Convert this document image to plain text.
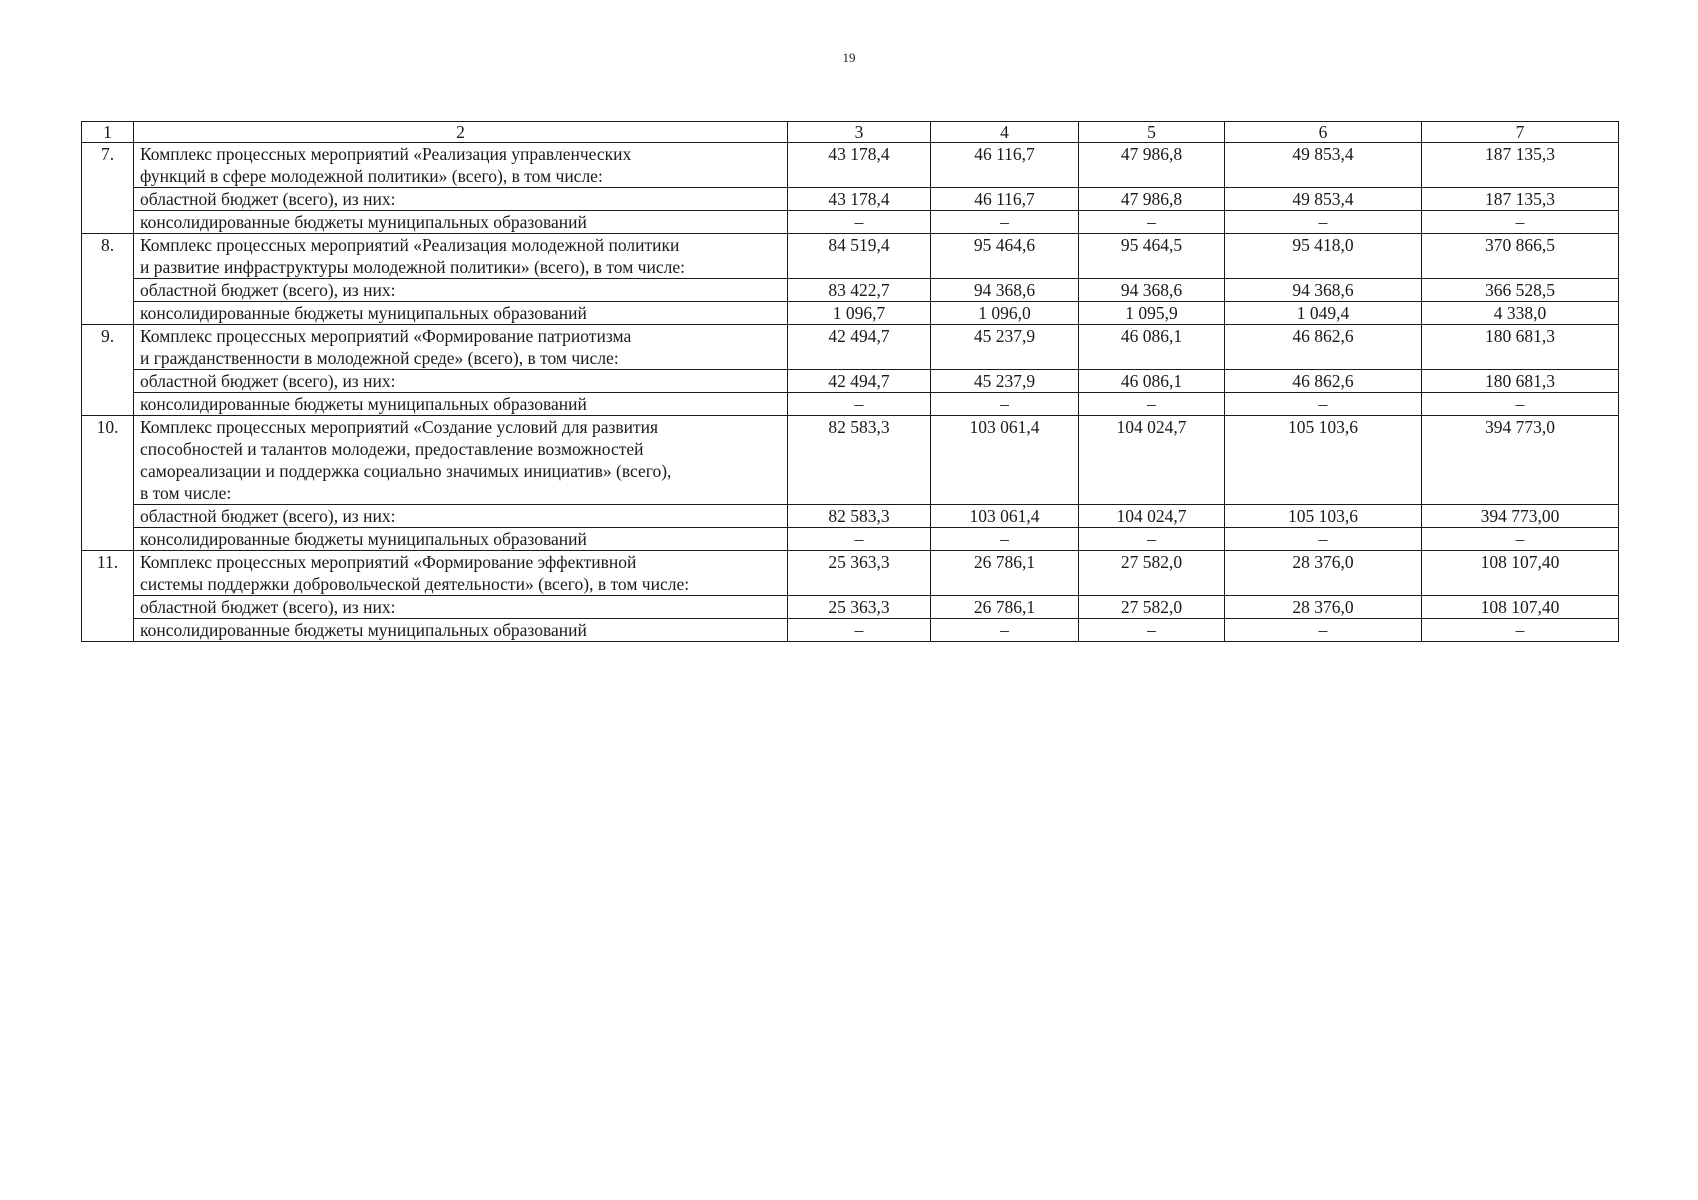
19
1	2	3	4	5	6	7
7.	Комплекс процессных мероприятий «Реализация управленческих
функций в сфере молодежной политики» (всего), в том числе:	43 178,4	46 116,7	47 986,8	49 853,4	187 135,3
	областной бюджет (всего), из них:	43 178,4	46 116,7	47 986,8	49 853,4	187 135,3
	консолидированные бюджеты муниципальных образований	–	–	–	–	–
8.	Комплекс процессных мероприятий «Реализация молодежной политики
и развитие инфраструктуры молодежной политики» (всего), в том числе:	84 519,4	95 464,6	95 464,5	95 418,0	370 866,5
	областной бюджет (всего), из них:	83 422,7	94 368,6	94 368,6	94 368,6	366 528,5
	консолидированные бюджеты муниципальных образований	1 096,7	1 096,0	1 095,9	1 049,4	4 338,0
9.	Комплекс процессных мероприятий «Формирование патриотизма
и гражданственности в молодежной среде» (всего), в том числе:	42 494,7	45 237,9	46 086,1	46 862,6	180 681,3
	областной бюджет (всего), из них:	42 494,7	45 237,9	46 086,1	46 862,6	180 681,3
	консолидированные бюджеты муниципальных образований	–	–	–	–	–
10.	Комплекс процессных мероприятий «Создание условий для развития
способностей и талантов молодежи, предоставление возможностей
самореализации и поддержка социально значимых инициатив» (всего),
в том числе:	82 583,3	103 061,4	104 024,7	105 103,6	394 773,0
	областной бюджет (всего), из них:	82 583,3	103 061,4	104 024,7	105 103,6	394 773,00
	консолидированные бюджеты муниципальных образований	–	–	–	–	–
11.	Комплекс процессных мероприятий «Формирование эффективной
системы поддержки добровольческой деятельности» (всего), в том числе:	25 363,3	26 786,1	27 582,0	28 376,0	108 107,40
	областной бюджет (всего), из них:	25 363,3	26 786,1	27 582,0	28 376,0	108 107,40
	консолидированные бюджеты муниципальных образований	–	–	–	–	–
